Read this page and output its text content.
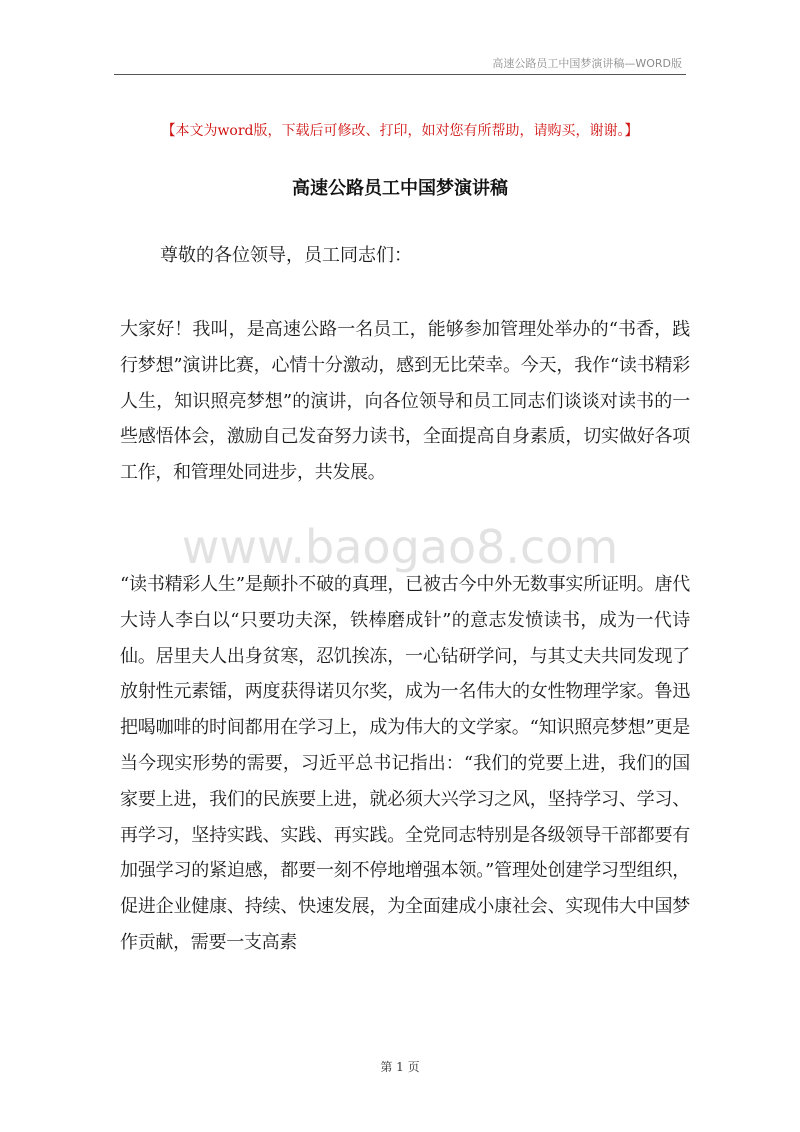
高速公路员工中国梦演讲稿—WORD版
【本文为word版，下载后可修改、打印，如对您有所帮助，请购买，谢谢。】
高速公路员工中国梦演讲稿
尊敬的各位领导，员工同志们：
www.baogao8.com
大家好！我叫，是高速公路一名员工，能够参加管理处举办的“书香，践行梦想”演讲比赛，心情十分激动，感到无比荣幸。今天，我作“读书精彩人生，知识照亮梦想”的演讲，向各位领导和员工同志们谈谈对读书的一些感悟体会，激励自己发奋努力读书，全面提高自身素质，切实做好各项工作，和管理处同进步，共发展。
“读书精彩人生”是颠扑不破的真理，已被古今中外无数事实所证明。唐代大诗人李白以“只要功夫深，铁棒磨成针”的意志发愤读书，成为一代诗仙。居里夫人出身贫寒，忍饥挨冻，一心钻研学问，与其丈夫共同发现了放射性元素镭，两度获得诺贝尔奖，成为一名伟大的女性物理学家。鲁迅把喝咖啡的时间都用在学习上，成为伟大的文学家。“知识照亮梦想”更是当今现实形势的需要，习近平总书记指出：“我们的党要上进，我们的国家要上进，我们的民族要上进，就必须大兴学习之风，坚持学习、学习、再学习，坚持实践、实践、再实践。全党同志特别是各级领导干部都要有加强学习的紧迫感，都要一刻不停地增强本领。”管理处创建学习型组织，促进企业健康、持续、快速发展，为全面建成小康社会、实现伟大中国梦作贡献，需要一支高素
第 1 页
